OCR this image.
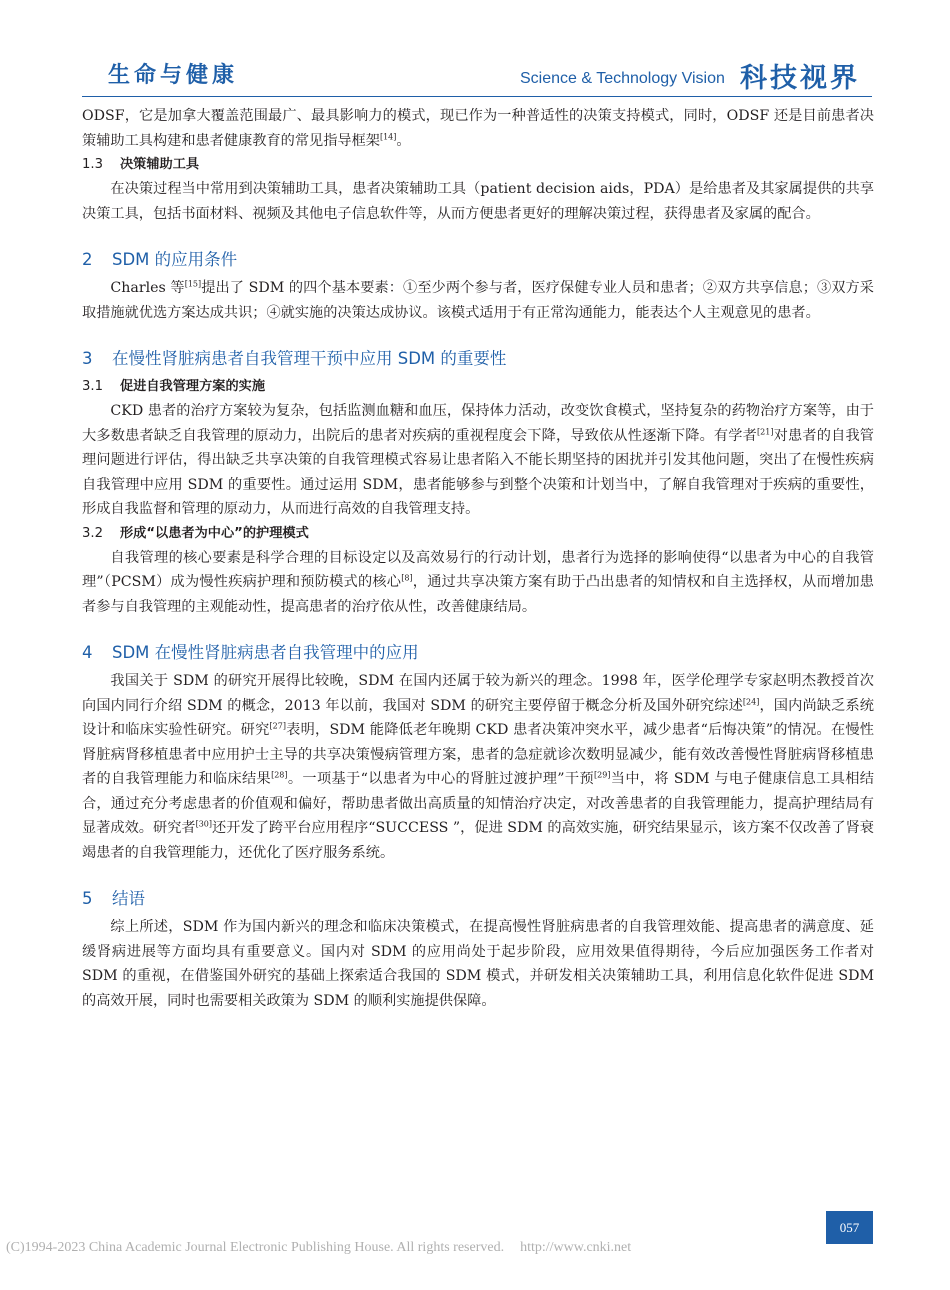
生命与健康	Science & Technology Vision 科技视界

ODSF，它是加拿大覆盖范围最广、最具影响力的模式，现已作为一种普适性的决策支持模式，同时，ODSF 还是目前患者决策辅助工具构建和患者健康教育的常见指导框架[14]。

1.3 决策辅助工具

在决策过程当中常用到决策辅助工具，患者决策辅助工具（patient decision aids，PDA）是给患者及其家属提供的共享决策工具，包括书面材料、视频及其他电子信息软件等，从而方便患者更好的理解决策过程，获得患者及家属的配合。

2 SDM 的应用条件

Charles 等[15]提出了 SDM 的四个基本要素：①至少两个参与者，医疗保健专业人员和患者；②双方共享信息；③双方采取措施就优选方案达成共识；④就实施的决策达成协议。该模式适用于有正常沟通能力，能表达个人主观意见的患者。

3 在慢性肾脏病患者自我管理干预中应用 SDM 的重要性
3.1 促进自我管理方案的实施

CKD 患者的治疗方案较为复杂，包括监测血糖和血压，保持体力活动，改变饮食模式，坚持复杂的药物治疗方案等，由于大多数患者缺乏自我管理的原动力，出院后的患者对疾病的重视程度会下降，导致依从性逐渐下降。有学者[21]对患者的自我管理问题进行评估，得出缺乏共享决策的自我管理模式容易让患者陷入不能长期坚持的困扰并引发其他问题，突出了在慢性疾病自我管理中应用 SDM 的重要性。通过运用 SDM，患者能够参与到整个决策和计划当中，了解自我管理对于疾病的重要性，形成自我监督和管理的原动力，从而进行高效的自我管理支持。

3.2 形成“以患者为中心”的护理模式

自我管理的核心要素是科学合理的目标设定以及高效易行的行动计划，患者行为选择的影响使得“以患者为中心的自我管理”（PCSM）成为慢性疾病护理和预防模式的核心[8]，通过共享决策方案有助于凸出患者的知情权和自主选择权，从而增加患者参与自我管理的主观能动性，提高患者的治疗依从性，改善健康结局。

4 SDM 在慢性肾脏病患者自我管理中的应用

我国关于 SDM 的研究开展得比较晚，SDM 在国内还属于较为新兴的理念。1998 年，医学伦理学专家赵明杰教授首次向国内同行介绍 SDM 的概念，2013 年以前，我国对 SDM 的研究主要停留于概念分析及国外研究综述[24]，国内尚缺乏系统设计和临床实验性研究。研究[27]表明，SDM 能降低老年晚期 CKD 患者决策冲突水平，减少患者“后悔决策”的情况。在慢性肾脏病肾移植患者中应用护士主导的共享决策慢病管理方案，患者的急症就诊次数明显减少，能有效改善慢性肾脏病肾移植患者的自我管理能力和临床结果[28]。一项基于“以患者为中心的肾脏过渡护理”干预[29]当中，将 SDM 与电子健康信息工具相结合，通过充分考虑患者的价值观和偏好，帮助患者做出高质量的知情治疗决定，对改善患者的自我管理能力，提高护理结局有显著成效。研究者[30]还开发了跨平台应用程序“SUCCESS ”，促进 SDM 的高效实施，研究结果显示，该方案不仅改善了肾衰竭患者的自我管理能力，还优化了医疗服务系统。

5 结语

综上所述，SDM 作为国内新兴的理念和临床决策模式，在提高慢性肾脏病患者的自我管理效能、提高患者的满意度、延缓肾病进展等方面均具有重要意义。国内对 SDM 的应用尚处于起步阶段，应用效果值得期待，今后应加强医务工作者对 SDM 的重视，在借鉴国外研究的基础上探索适合我国的 SDM 模式，并研发相关决策辅助工具，利用信息化软件促进 SDM 的高效开展，同时也需要相关政策为 SDM 的顺利实施提供保障。

057
(C)1994-2023 China Academic Journal Electronic Publishing House. All rights reserved. http://www.cnki.net
